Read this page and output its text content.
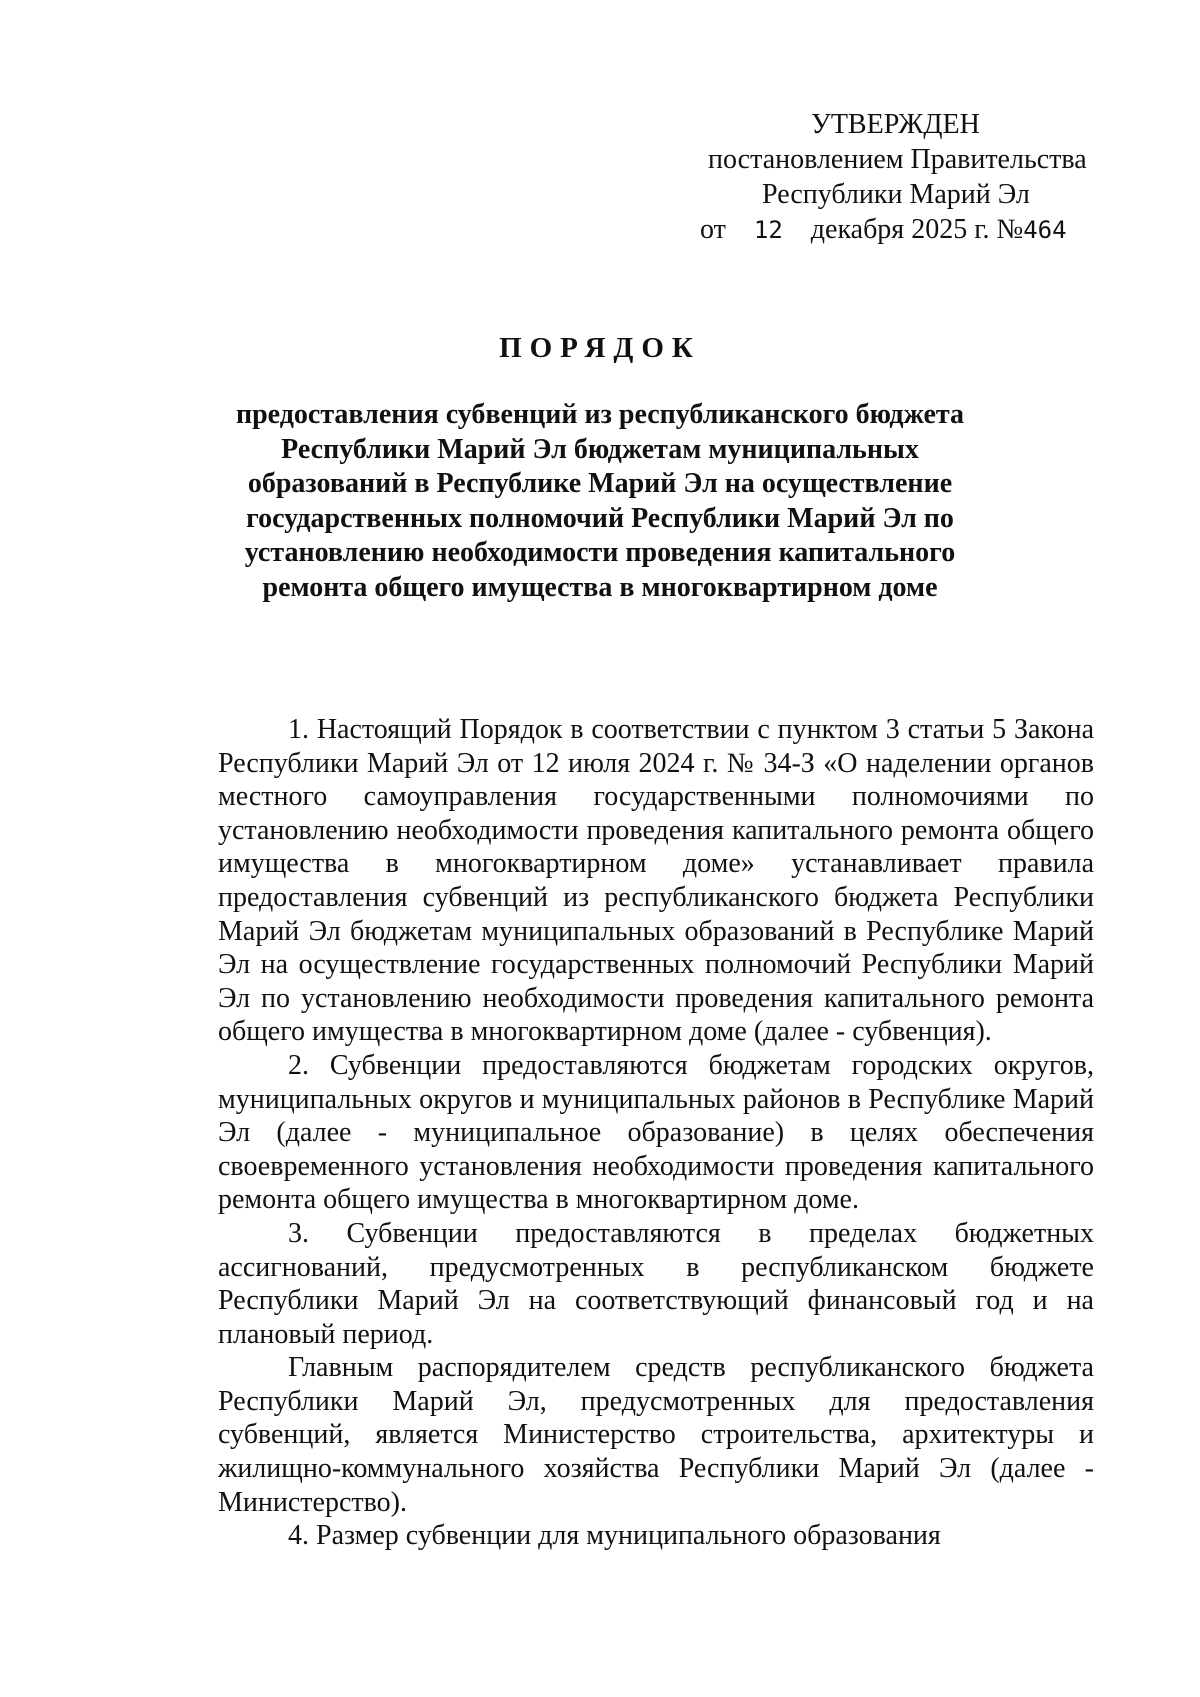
УТВЕРЖДЕН
постановлением Правительства
Республики Марий Эл
от 12 декабря 2025 г. №464
ПОРЯДОК
предоставления субвенций из республиканского бюджета Республики Марий Эл бюджетам муниципальных образований в Республике Марий Эл на осуществление государственных полномочий Республики Марий Эл по установлению необходимости проведения капитального ремонта общего имущества в многоквартирном доме

1. Настоящий Порядок в соответствии с пунктом 3 статьи 5 Закона Республики Марий Эл от 12 июля 2024 г. № 34-З «О наделении органов местного самоуправления государственными полномочиями по установлению необходимости проведения капитального ремонта общего имущества в многоквартирном доме» устанавливает правила предоставления субвенций из республиканского бюджета Республики Марий Эл бюджетам муниципальных образований в Республике Марий Эл на осуществление государственных полномочий Республики Марий Эл по установлению необходимости проведения капитального ремонта общего имущества в многоквартирном доме (далее - субвенция).

2. Субвенции предоставляются бюджетам городских округов, муниципальных округов и муниципальных районов в Республике Марий Эл (далее - муниципальное образование) в целях обеспечения своевременного установления необходимости проведения капитального ремонта общего имущества в многоквартирном доме.

3. Субвенции предоставляются в пределах бюджетных ассигнований, предусмотренных в республиканском бюджете Республики Марий Эл на соответствующий финансовый год и на плановый период.

Главным распорядителем средств республиканского бюджета Республики Марий Эл, предусмотренных для предоставления субвенций, является Министерство строительства, архитектуры и жилищно-коммунального хозяйства Республики Марий Эл (далее - Министерство).

4. Размер субвенции для муниципального образования
